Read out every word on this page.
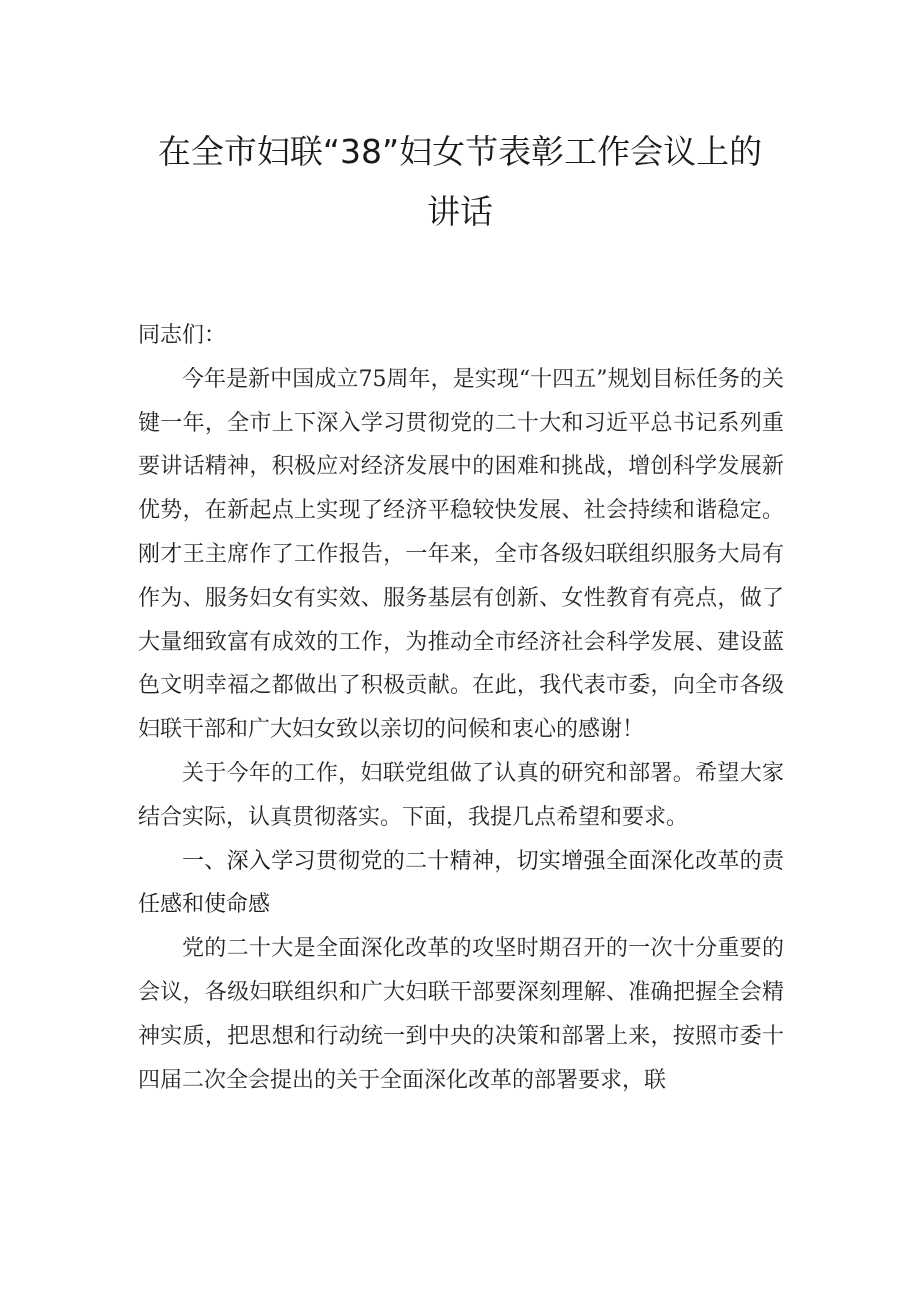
在全市妇联“38”妇女节表彰工作会议上的
讲话

同志们：

今年是新中国成立75周年，是实现“十四五”规划目标任务的关键一年，全市上下深入学习贯彻党的二十大和习近平总书记系列重要讲话精神，积极应对经济发展中的困难和挑战，增创科学发展新优势，在新起点上实现了经济平稳较快发展、社会持续和谐稳定。刚才王主席作了工作报告，一年来，全市各级妇联组织服务大局有作为、服务妇女有实效、服务基层有创新、女性教育有亮点，做了大量细致富有成效的工作，为推动全市经济社会科学发展、建设蓝色文明幸福之都做出了积极贡献。在此，我代表市委，向全市各级妇联干部和广大妇女致以亲切的问候和衷心的感谢！

关于今年的工作，妇联党组做了认真的研究和部署。希望大家结合实际，认真贯彻落实。下面，我提几点希望和要求。

一、深入学习贯彻党的二十精神，切实增强全面深化改革的责任感和使命感

党的二十大是全面深化改革的攻坚时期召开的一次十分重要的会议，各级妇联组织和广大妇联干部要深刻理解、准确把握全会精神实质，把思想和行动统一到中央的决策和部署上来，按照市委十四届二次全会提出的关于全面深化改革的部署要求，联
